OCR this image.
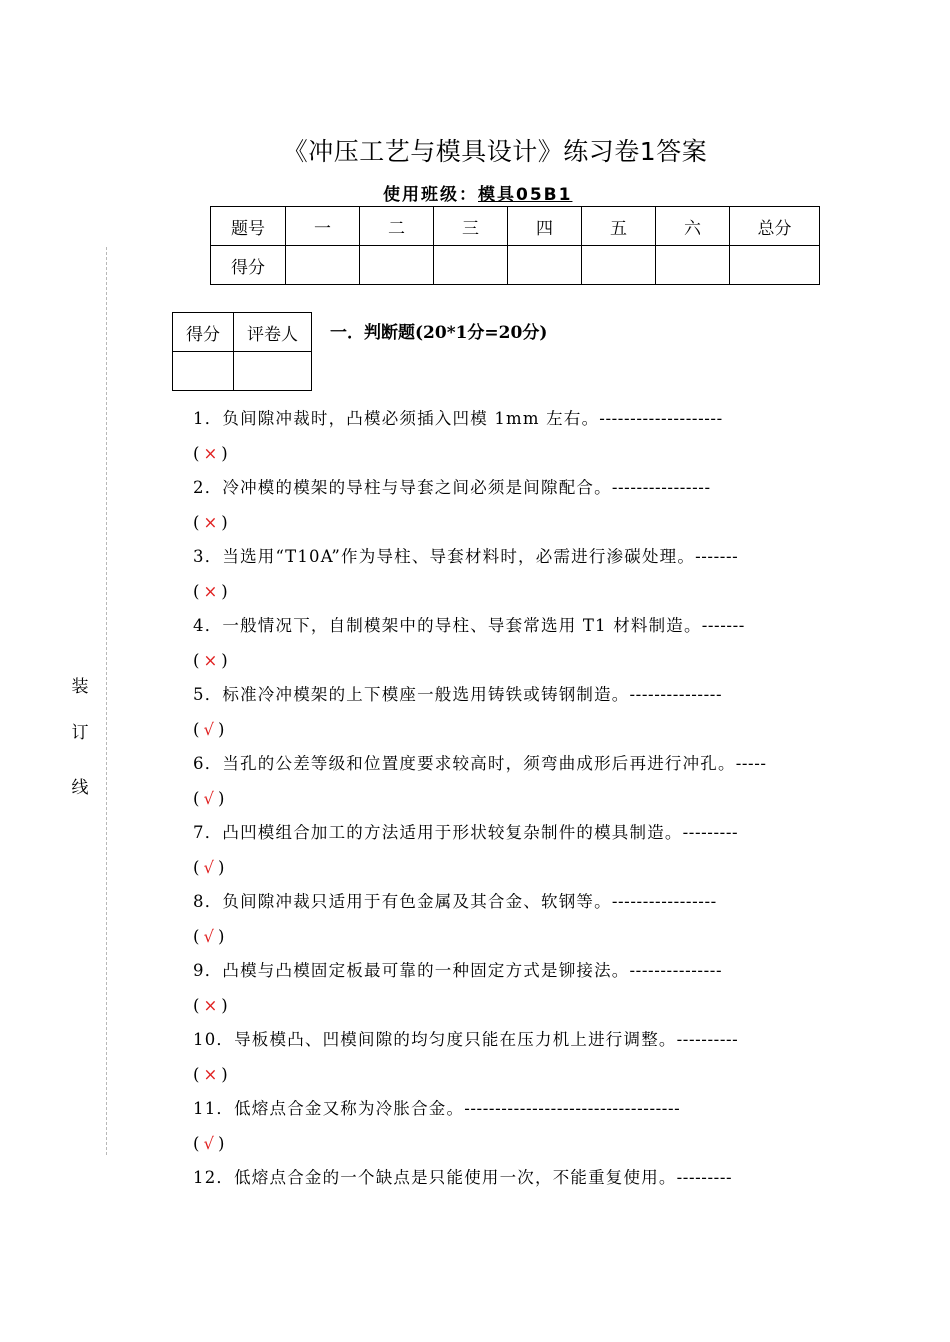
《冲压工艺与模具设计》练习卷1答案
使用班级：模具05B1
题号	一	二	三	四	五	六	总分
得分							
得分	评卷人
	一．判断题(20*1分=20分)
装
订
线
1．负间隙冲裁时，凸模必须插入凹模 1mm 左右。--------------------
( × )
2．冷冲模的模架的导柱与导套之间必须是间隙配合。----------------
( × )
3．当选用“T10A”作为导柱、导套材料时，必需进行渗碳处理。-------
( × )
4．一般情况下，自制模架中的导柱、导套常选用 T1 材料制造。-------
( × )
5．标准冷冲模架的上下模座一般选用铸铁或铸钢制造。---------------
( √ )
6．当孔的公差等级和位置度要求较高时，须弯曲成形后再进行冲孔。-----
( √ )
7．凸凹模组合加工的方法适用于形状较复杂制件的模具制造。---------
( √ )
8．负间隙冲裁只适用于有色金属及其合金、软钢等。-----------------
( √ )
9．凸模与凸模固定板最可靠的一种固定方式是铆接法。---------------
( × )
10．导板模凸、凹模间隙的均匀度只能在压力机上进行调整。----------
( × )
11．低熔点合金又称为冷胀合金。-----------------------------------
( √ )
12．低熔点合金的一个缺点是只能使用一次，不能重复使用。---------
